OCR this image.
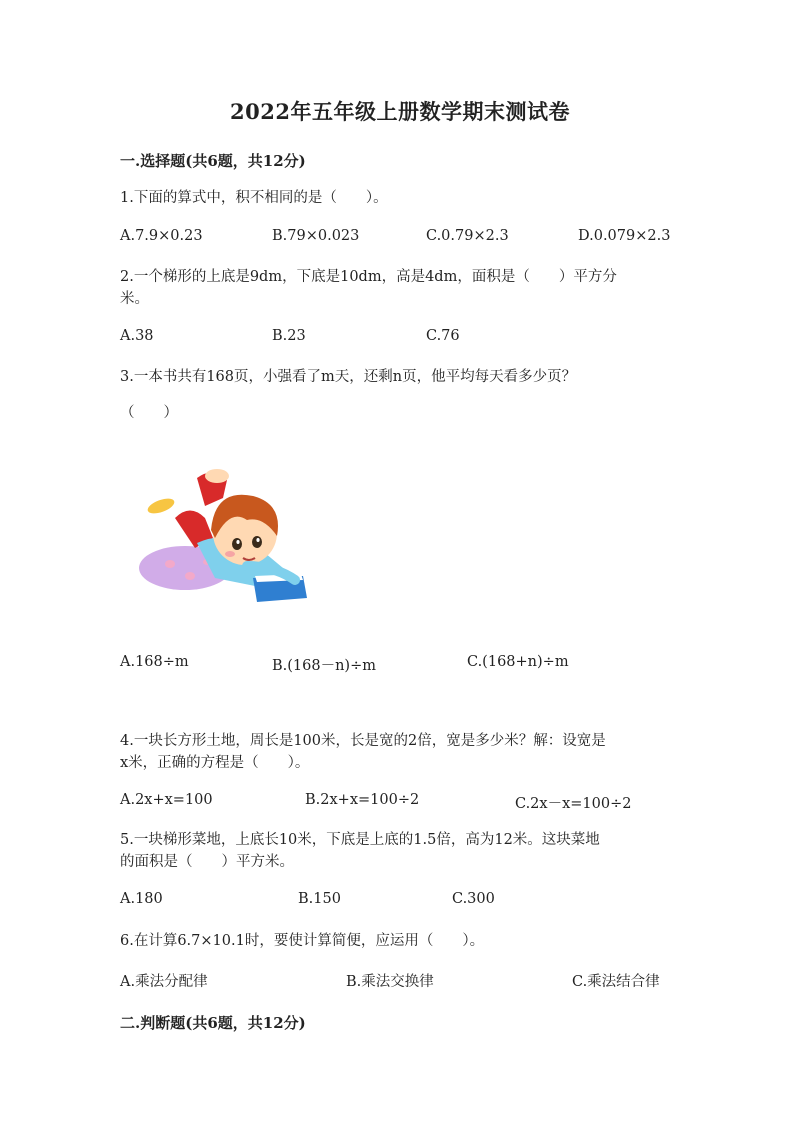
2022年五年级上册数学期末测试卷
一.选择题(共6题，共12分)
1.下面的算式中，积不相同的是（　　）。
A.7.9×0.23	B.79×0.023	C.0.79×2.3	D.0.079×2.3
2.一个梯形的上底是9dm，下底是10dm，高是4dm，面积是（　　）平方分
米。
A.38	B.23	C.76
3.一本书共有168页，小强看了m天，还剩n页，他平均每天看多少页？
（　　）
A.168÷m	B.(168－n)÷m	C.(168+n)÷m
4.一块长方形土地，周长是100米，长是宽的2倍，宽是多少米？解：设宽是
x米，正确的方程是（　　）。
A.2x+x=100	B.2x+x=100÷2	C.2x－x=100÷2
5.一块梯形菜地，上底长10米，下底是上底的1.5倍，高为12米。这块菜地
的面积是（　　）平方米。
A.180	B.150	C.300
6.在计算6.7×10.1时，要使计算简便，应运用（　　）。
A.乘法分配律	B.乘法交换律	C.乘法结合律
二.判断题(共6题，共12分)
